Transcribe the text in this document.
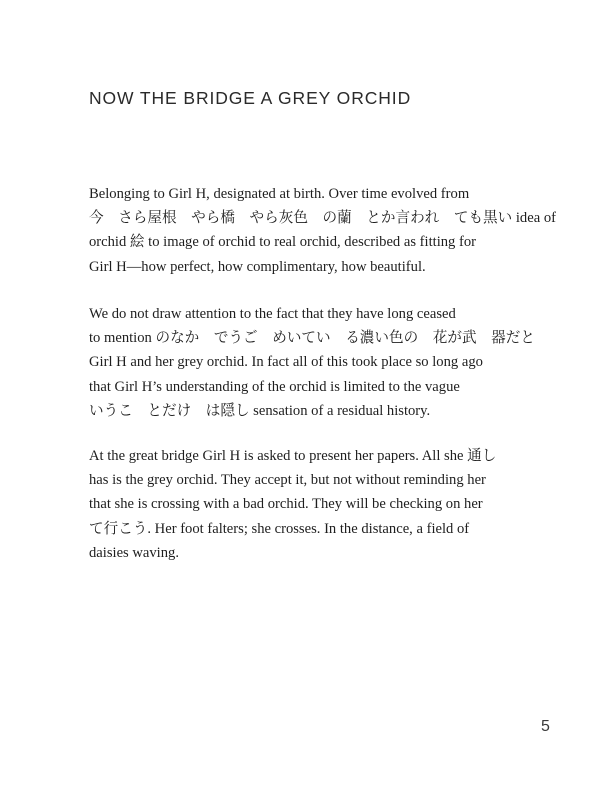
NOW THE BRIDGE A GREY ORCHID
Belonging to Girl H, designated at birth. Over time evolved from
今　さら屋根　やら橋　やら灰色　の蘭　とか言われ　ても黒い idea of
orchid 絵 to image of orchid to real orchid, described as fitting for
Girl H—how perfect, how complimentary, how beautiful.
We do not draw attention to the fact that they have long ceased
to mention のなか　でうご　めいてい　る濃い色の　花が武　器だと
Girl H and her grey orchid. In fact all of this took place so long ago
that Girl H’s understanding of the orchid is limited to the vague
いうこ　とだけ　は隠し sensation of a residual history.
At the great bridge Girl H is asked to present her papers. All she 通し
has is the grey orchid. They accept it, but not without reminding her
that she is crossing with a bad orchid. They will be checking on her
て行こう. Her foot falters; she crosses. In the distance, a field of
daisies waving.
5
